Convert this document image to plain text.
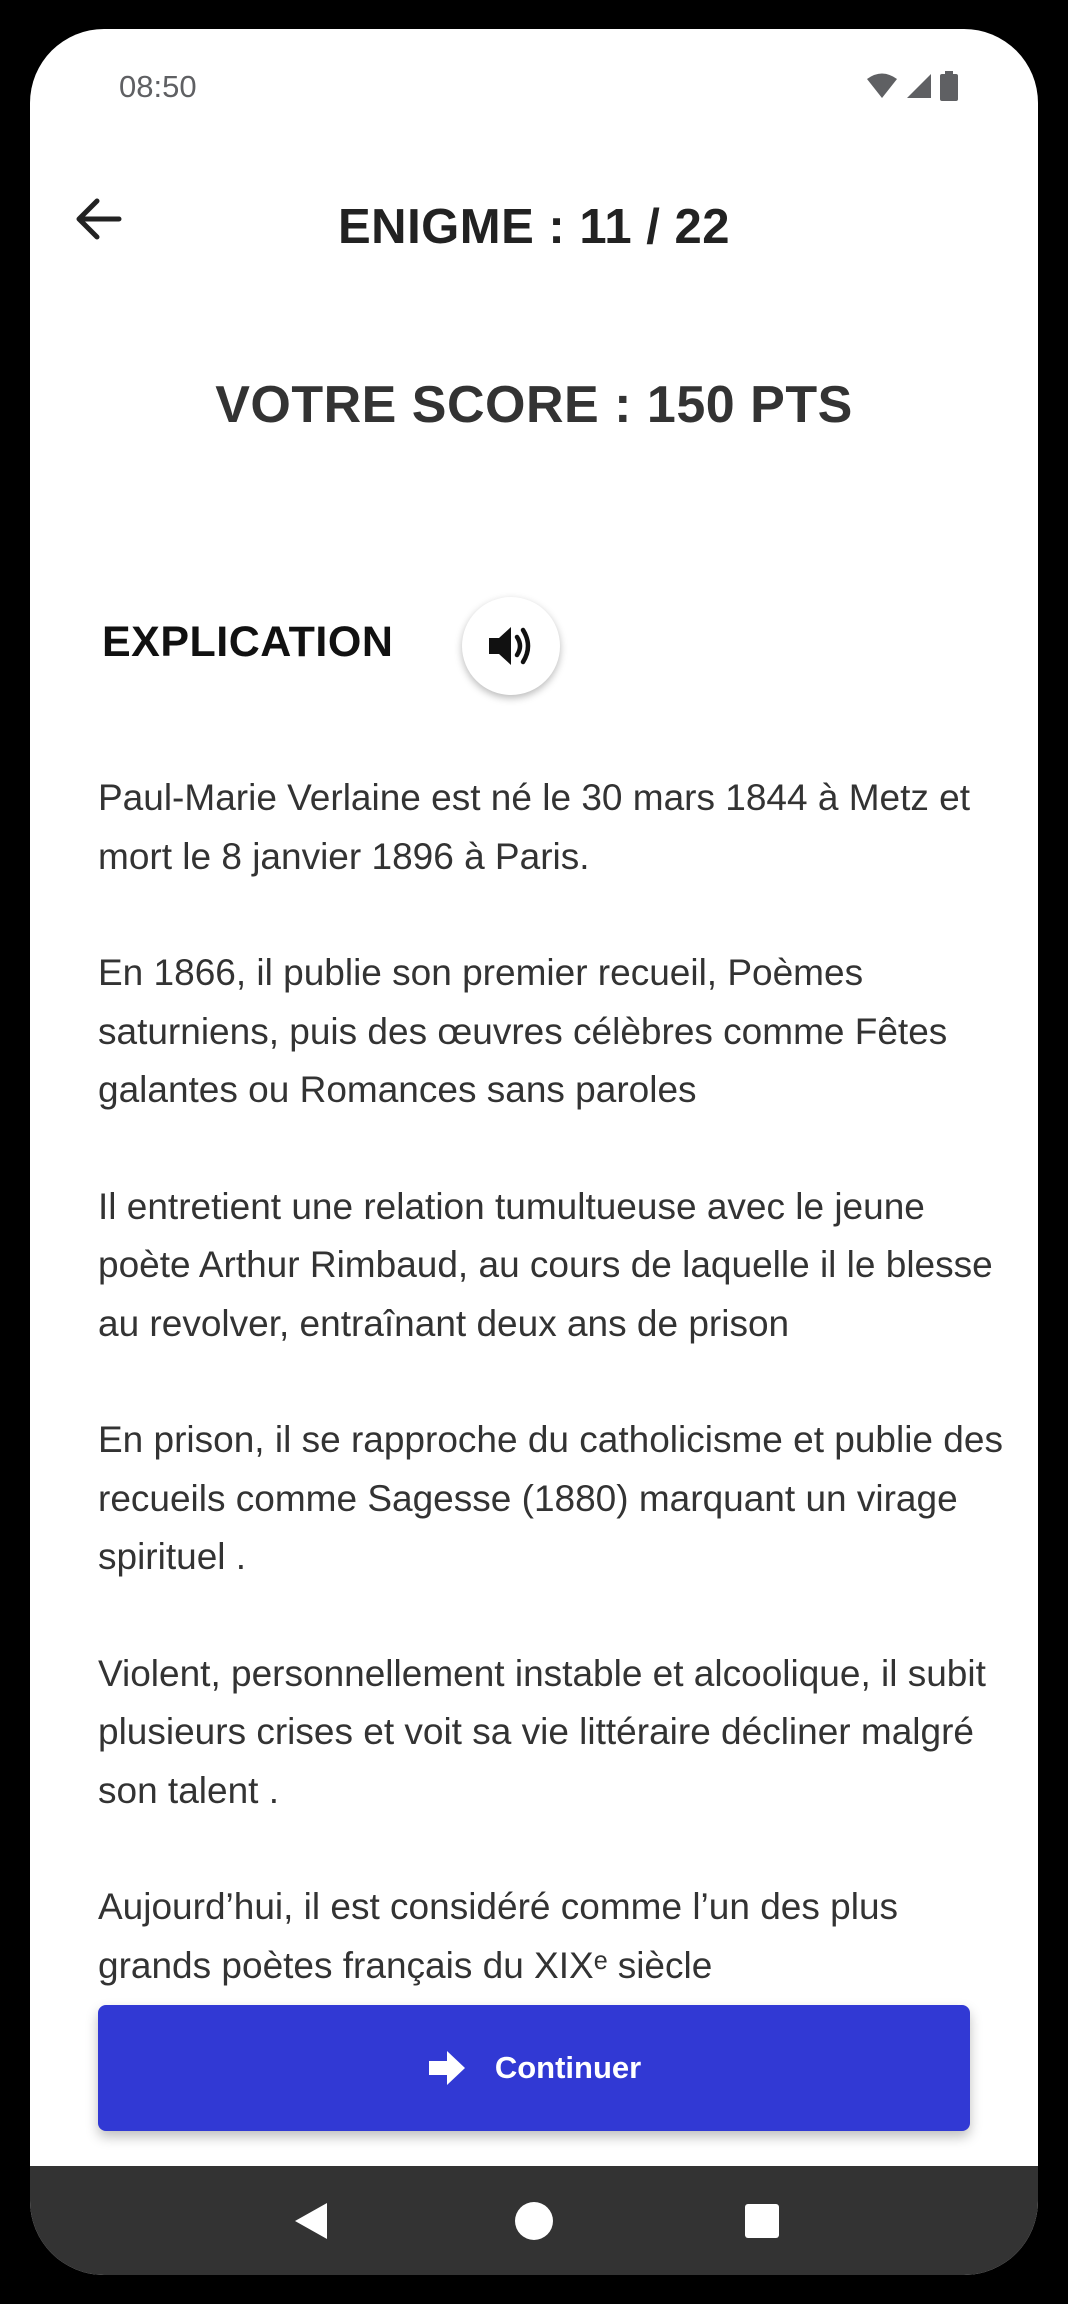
08:50
ENIGME : 11 / 22
VOTRE SCORE : 150 PTS
EXPLICATION

Paul-Marie Verlaine est né le 30 mars 1844 à Metz et mort le 8 janvier 1896 à Paris.

En 1866, il publie son premier recueil, Poèmes saturniens, puis des œuvres célèbres comme Fêtes galantes ou Romances sans paroles

Il entretient une relation tumultueuse avec le jeune poète Arthur Rimbaud, au cours de laquelle il le blesse au revolver, entraînant deux ans de prison

En prison, il se rapproche du catholicisme et publie des recueils comme Sagesse (1880) marquant un virage spirituel .

Violent, personnellement instable et alcoolique, il subit plusieurs crises et voit sa vie littéraire décliner malgré son talent .

Aujourd’hui, il est considéré comme l’un des plus grands poètes français du XIXᵉ siècle

Continuer
